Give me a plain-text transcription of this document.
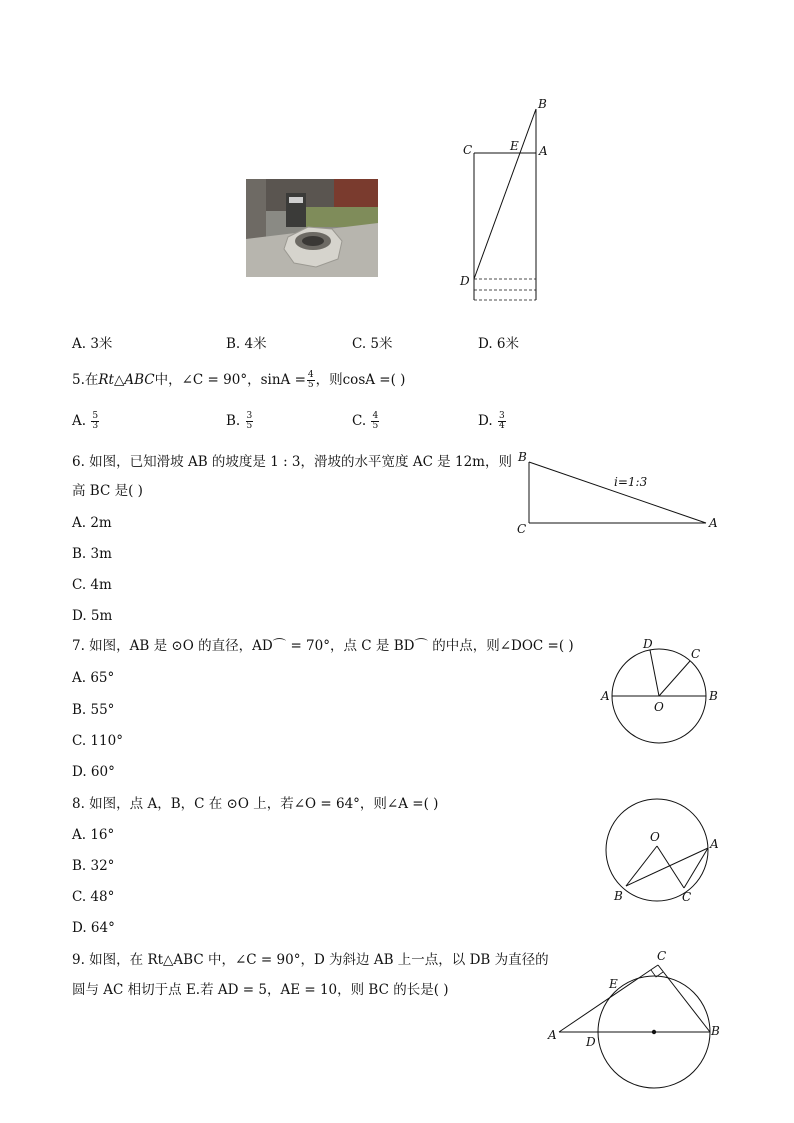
B
C	E A
D
A. 3米	B. 4米	C. 5米	D. 6米
5.在Rt△ABC中，∠C = 90°，$\sin A = \frac{4}{5}$ ，则cosA =( )
A. $\frac{5}{3}$	B. $\frac{3}{5}$	C. $\frac{4}{5}$	D. $\frac{3}{4}$
6. 如图，已知滑坡 AB 的坡度是 1 : 3，滑坡的水平宽度 AC 是 12m，则
高 BC 是( )
A. 2m
B. 3m
C. 4m
D. 5m
B
C	A
i=1:3
7. 如图，AB 是 ⊙O 的直径，AD⌒ = 70°，点 C 是 BD⌒ 的中点，则∠DOC =( )
A. 65°
B. 55°
C. 110°
D. 60°
D
C
A
O
B
8. 如图，点 A，B，C 在 ⊙O 上，若∠O = 64°，则∠A =( )
A. 16°
B. 32°
C. 48°
D. 64°
O	A
B	C
9. 如图，在 Rt△ABC 中，∠C = 90°，D 为斜边 AB 上一点，以 DB 为直径的
圆与 AC 相切于点 E.若 AD = 5，AE = 10，则 BC 的长是( )
C
E
A D
B
